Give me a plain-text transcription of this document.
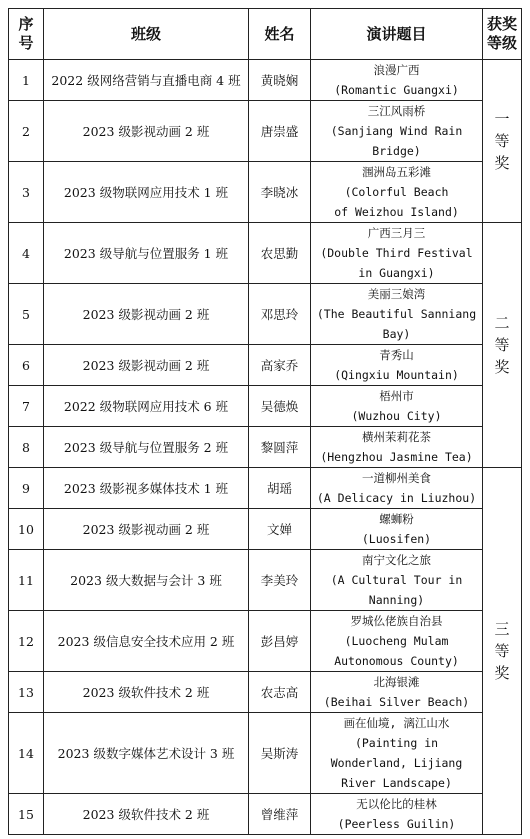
序号	班级	姓名	演讲题目	获奖等级
1	2022 级网络营销与直播电商 4 班	黄晓娴	浪漫广西
(Romantic Guangxi)	一等奖
2	2023 级影视动画 2 班	唐崇盛	三江风雨桥
(Sanjiang Wind Rain
Bridge)	

3	2023 级物联网应用技术 1 班	李晓冰	涠洲岛五彩滩
(Colorful Beach
of Weizhou Island)	

4	2023 级导航与位置服务 1 班	农思勤	广西三月三
(Double Third Festival
in Guangxi)	二等奖
5	2023 级影视动画 2 班	邓思玲	美丽三娘湾
(The Beautiful Sanniang
Bay)	

6	2023 级影视动画 2 班	高家乔	青秀山
(Qingxiu Mountain)	

7	2022 级物联网应用技术 6 班	吴德焕	梧州市
(Wuzhou City)	

8	2023 级导航与位置服务 2 班	黎圆萍	横州茉莉花茶
(Hengzhou Jasmine Tea)	

9	2023 级影视多媒体技术 1 班	胡瑶	一道柳州美食
(A Delicacy in Liuzhou)	三等奖
10	2023 级影视动画 2 班	文婵	螺蛳粉
(Luosifen)	

11	2023 级大数据与会计 3 班	李美玲	南宁文化之旅
(A Cultural Tour in
Nanning)	

12	2023 级信息安全技术应用 2 班	彭昌婷	罗城仫佬族自治县
(Luocheng Mulam
Autonomous County)	

13	2023 级软件技术 2 班	农志高	北海银滩
(Beihai Silver Beach)	

14	2023 级数字媒体艺术设计 3 班	吴斯涛	画在仙境, 漓江山水
(Painting in
Wonderland, Lijiang
River Landscape)	

15	2023 级软件技术 2 班	曾维萍	无以伦比的桂林
(Peerless Guilin)	
